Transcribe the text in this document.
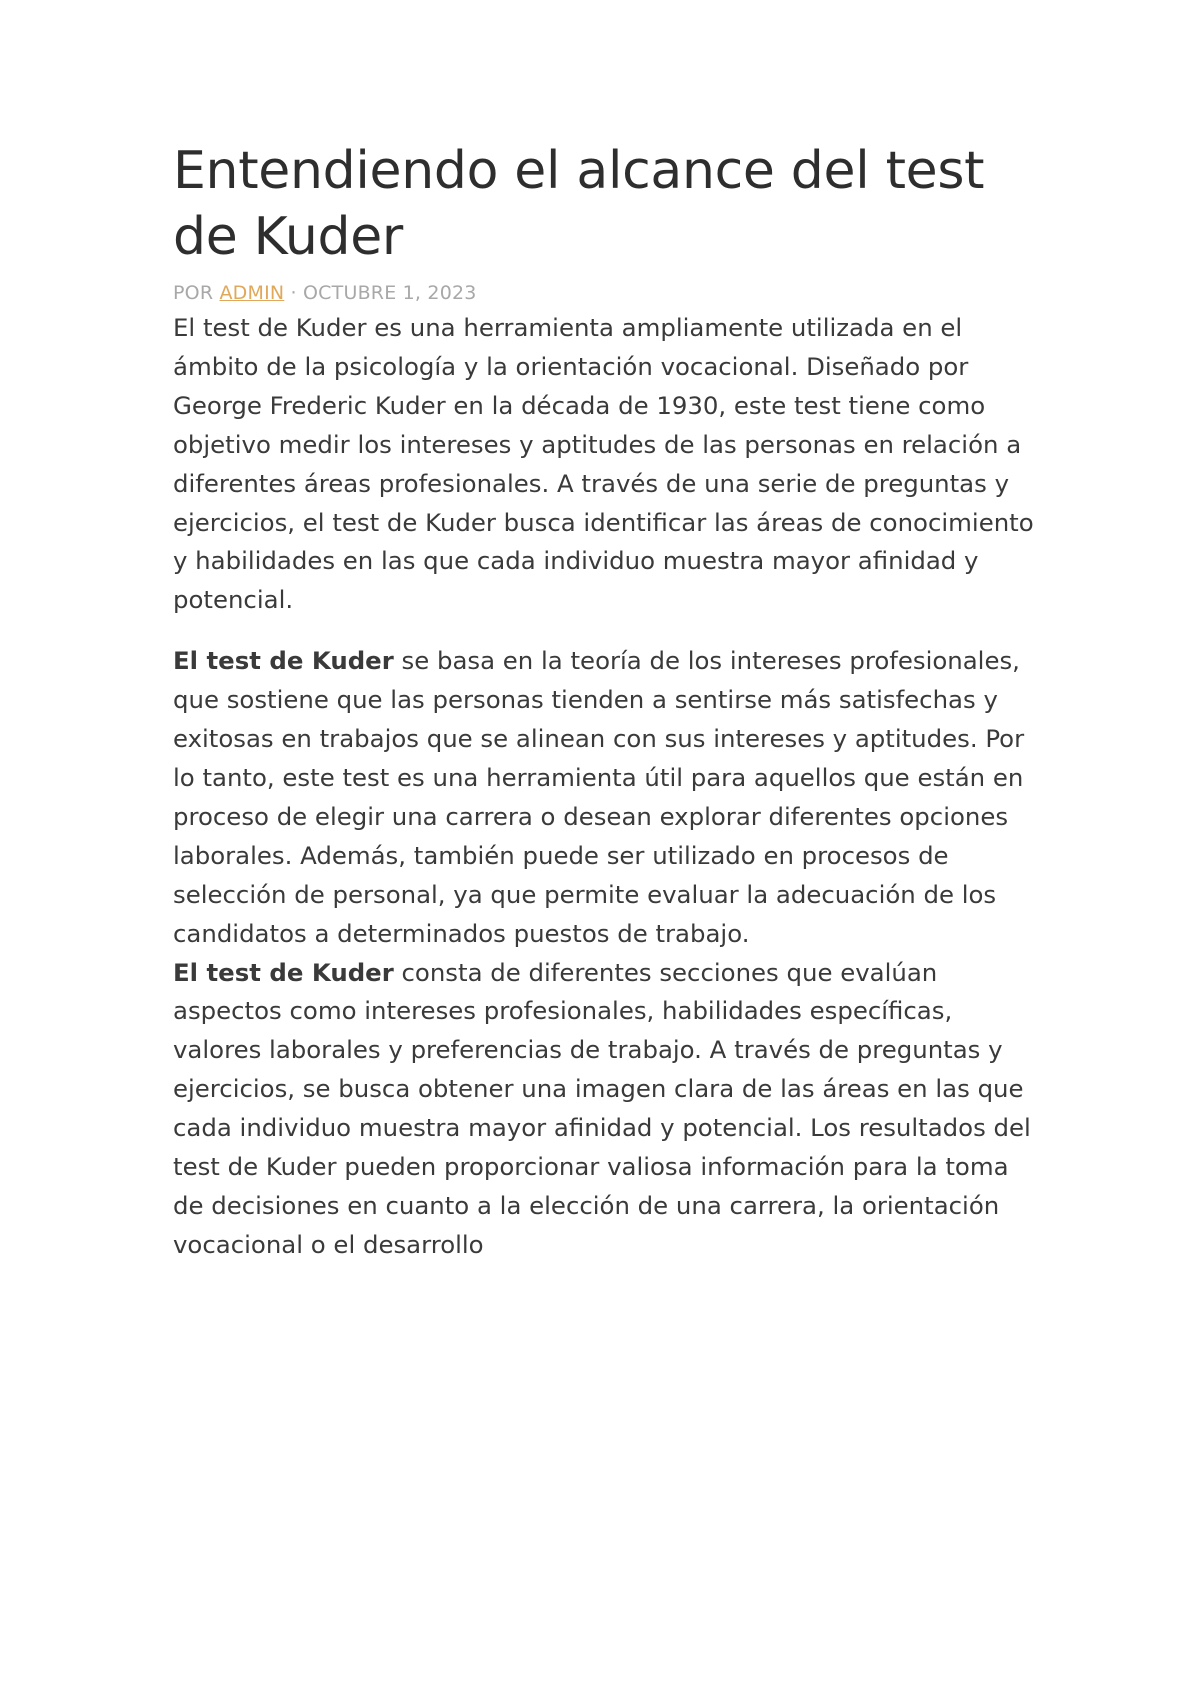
Entendiendo el alcance del test de Kuder
POR ADMIN · OCTUBRE 1, 2023

El test de Kuder es una herramienta ampliamente utilizada en el ámbito de la psicología y la orientación vocacional. Diseñado por George Frederic Kuder en la década de 1930, este test tiene como objetivo medir los intereses y aptitudes de las personas en relación a diferentes áreas profesionales. A través de una serie de preguntas y ejercicios, el test de Kuder busca identificar las áreas de conocimiento y habilidades en las que cada individuo muestra mayor afinidad y potencial.

El test de Kuder se basa en la teoría de los intereses profesionales, que sostiene que las personas tienden a sentirse más satisfechas y exitosas en trabajos que se alinean con sus intereses y aptitudes. Por lo tanto, este test es una herramienta útil para aquellos que están en proceso de elegir una carrera o desean explorar diferentes opciones laborales. Además, también puede ser utilizado en procesos de selección de personal, ya que permite evaluar la adecuación de los candidatos a determinados puestos de trabajo.

El test de Kuder consta de diferentes secciones que evalúan aspectos como intereses profesionales, habilidades específicas, valores laborales y preferencias de trabajo. A través de preguntas y ejercicios, se busca obtener una imagen clara de las áreas en las que cada individuo muestra mayor afinidad y potencial. Los resultados del test de Kuder pueden proporcionar valiosa información para la toma de decisiones en cuanto a la elección de una carrera, la orientación vocacional o el desarrollo
